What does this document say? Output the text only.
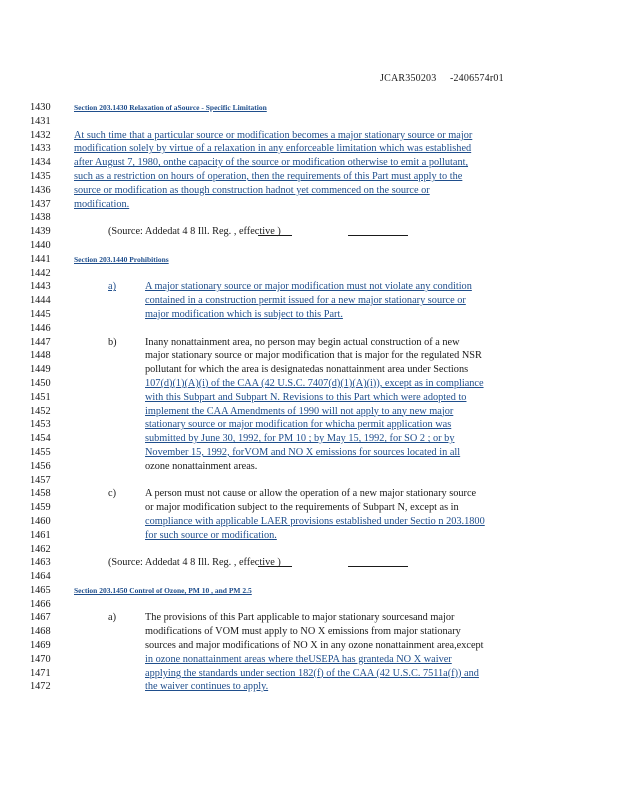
JCAR350203     -2406574r01
1430	Section 203.1430 Relaxation of aSource - Specific Limitation
1431
1432	At such time that a particular source or modification becomes a major stationary source or major
1433	modification solely by virtue of a relaxation in any enforceable limitation which was established
1434	after August 7, 1980, onthe capacity of the source or modification otherwise to emit a pollutant,
1435	such as a restriction on hours of operation, then the requirements of this Part must apply to the
1436	source or modification as though construction hadnot yet commenced on the source or
1437	modification.
1438
1439	(Source: Addedat 4 8 Ill. Reg. , effective )
1440
1441	Section 203.1440 Prohibitions
1442
1443	a)	A major stationary source or major modification must not violate any condition
1444	contained in a construction permit issued for a new major stationary source or
1445	major modification which is subject to this Part.
1446
1447	b)	Inany nonattainment area, no person may begin actual construction of a new
1448	major stationary source or major modification that is major for the regulated NSR
1449	pollutant for which the area is designatedas nonattainment area under Sections
1450	107(d)(1)(A)(i) of the CAA (42 U.S.C. 7407(d)(1)(A)(i)), except as in compliance
1451	with this Subpart and Subpart N. Revisions to this Part which were adopted to
1452	implement the CAA Amendments of 1990 will not apply to any new major
1453	stationary source or major modification for whicha permit application was
1454	submitted by June 30, 1992, for PM 10 ; by May 15, 1992, for SO 2 ; or by
1455	November 15, 1992, forVOM and NO X emissions for sources located in all
1456	ozone nonattainment areas.
1457
1458	c)	A person must not cause or allow the operation of a new major stationary source
1459	or major modification subject to the requirements of Subpart N, except as in
1460	compliance with applicable LAER provisions established under Sectio n 203.1800
1461	for such source or modification.
1462
1463	(Source: Addedat 4 8 Ill. Reg. , effective )
1464
1465	Section 203.1450 Control of Ozone, PM 10 , and PM 2.5
1466
1467	a)	The provisions of this Part applicable to major stationary sourcesand major
1468	modifications of VOM must apply to NO X emissions from major stationary
1469	sources and major modifications of NO X in any ozone nonattainment area,except
1470	in ozone nonattainment areas where theUSEPA has granteda NO X waiver
1471	applying the standards under section 182(f) of the CAA (42 U.S.C. 7511a(f)) and
1472	the waiver continues to apply.
